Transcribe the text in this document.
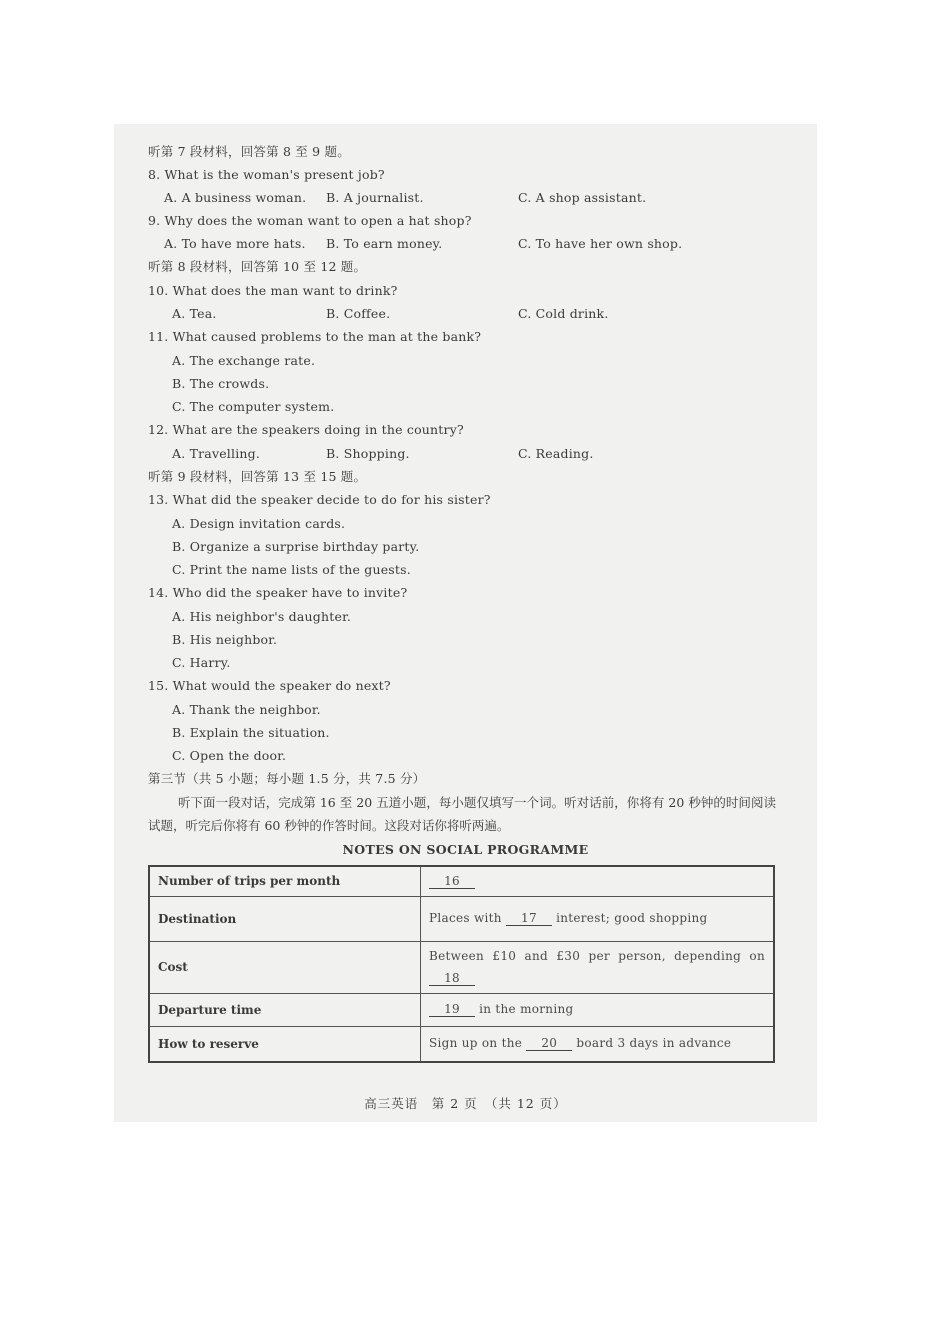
听第 7 段材料，回答第 8 至 9 题。
8. What is the woman's present job?
A. A business woman. B. A journalist.	C. A shop assistant.
9. Why does the woman want to open a hat shop?
A. To have more hats. B. To earn money.	C. To have her own shop.
听第 8 段材料，回答第 10 至 12 题。
10. What does the man want to drink?
A. Tea.	B. Coffee.	C. Cold drink.
11. What caused problems to the man at the bank?
A. The exchange rate.
B. The crowds.
C. The computer system.
12. What are the speakers doing in the country?
A. Travelling.	B. Shopping.	C. Reading.
听第 9 段材料，回答第 13 至 15 题。
13. What did the speaker decide to do for his sister?
A. Design invitation cards.
B. Organize a surprise birthday party.
C. Print the name lists of the guests.
14. Who did the speaker have to invite?
A. His neighbor's daughter.
B. His neighbor.
C. Harry.
15. What would the speaker do next?
A. Thank the neighbor.
B. Explain the situation.
C. Open the door.
第三节（共 5 小题；每小题 1.5 分，共 7.5 分）
听下面一段对话，完成第 16 至 20 五道小题，每小题仅填写一个词。听对话前，你将有 20 秒钟的时间阅读试题，听完后你将有 60 秒钟的作答时间。这段对话你将听两遍。
NOTES ON SOCIAL PROGRAMME
Number of trips per month	16
Destination	Places with 17 interest; good shopping
Cost	Between £10 and £30 per person, depending on 18
Departure time	19 in the morning
How to reserve	Sign up on the 20 board 3 days in advance
高三英语　第 2 页　（共 12 页）
